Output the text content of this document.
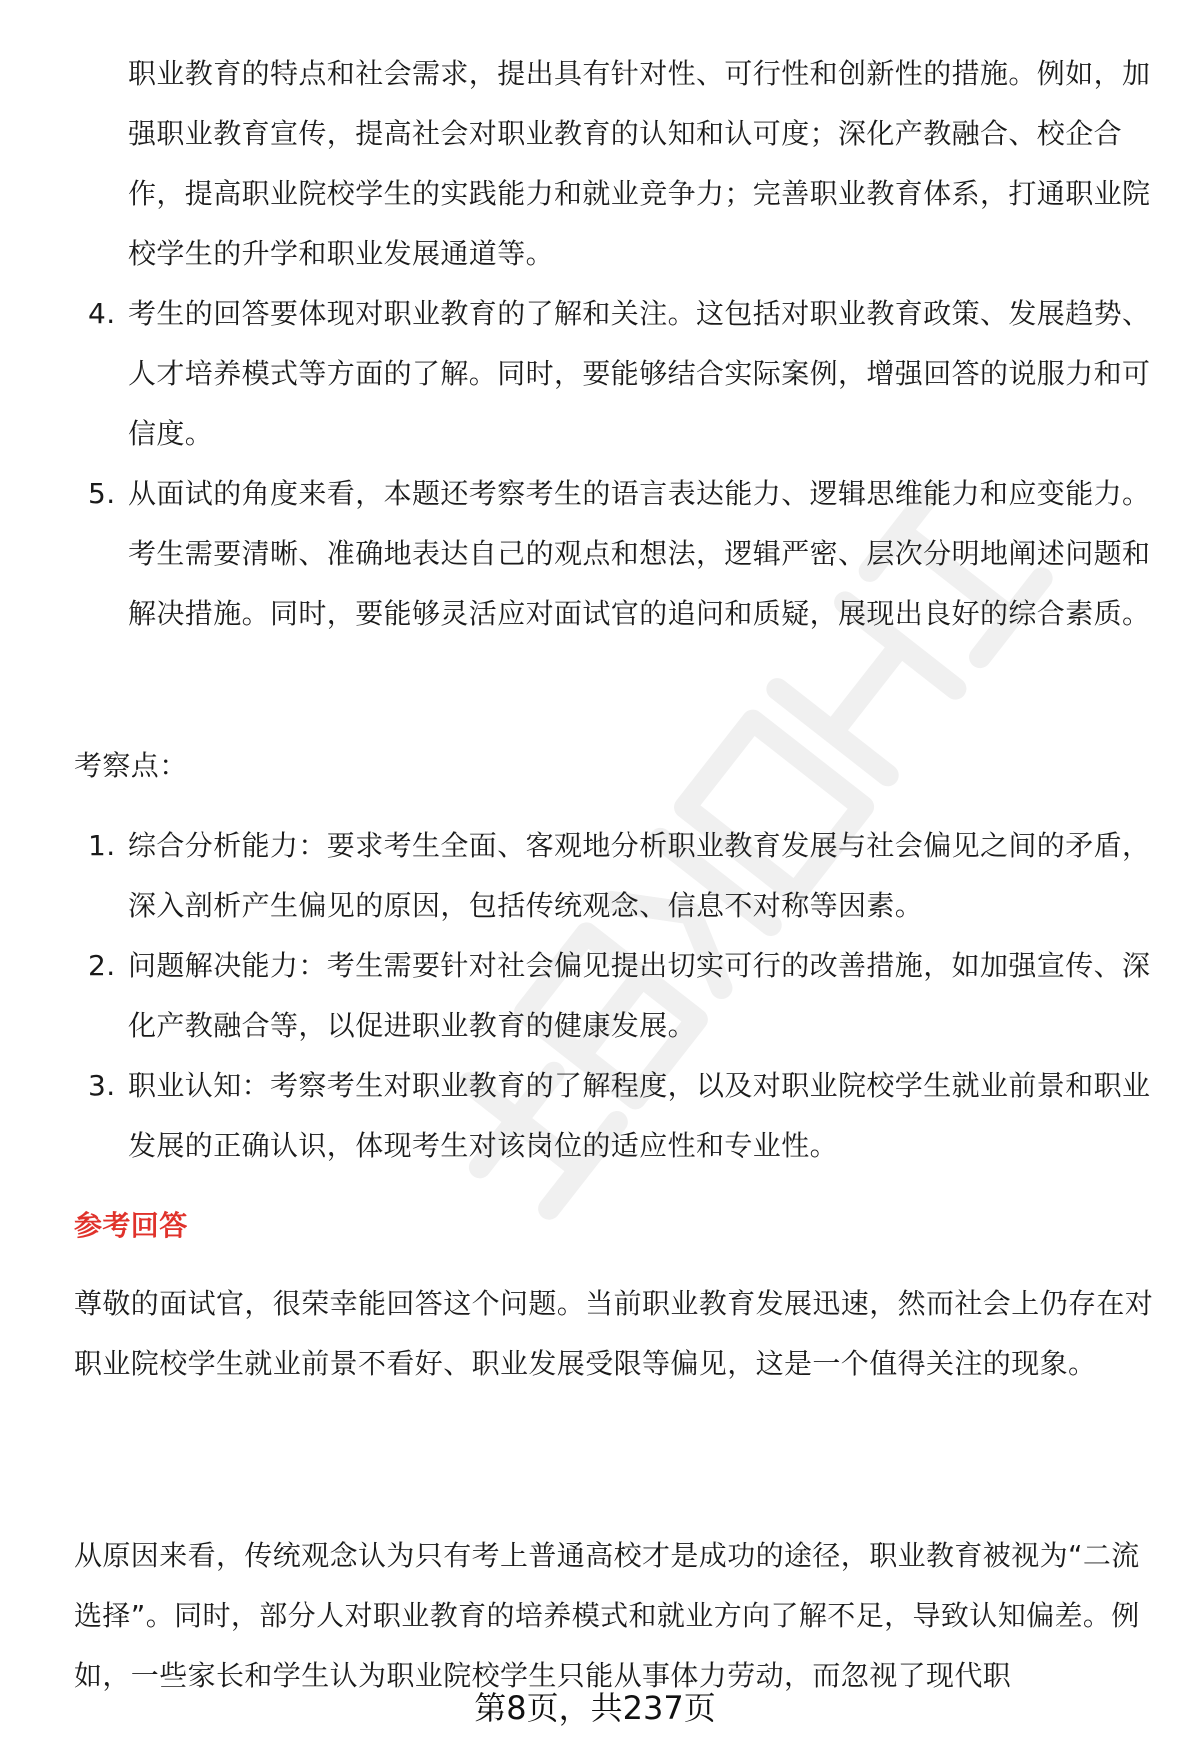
职业教育的特点和社会需求，提出具有针对性、可行性和创新性的措施。例如，加强职业教育宣传，提高社会对职业教育的认知和认可度；深化产教融合、校企合作，提高职业院校学生的实践能力和就业竞争力；完善职业教育体系，打通职业院校学生的升学和职业发展通道等。
4. 考生的回答要体现对职业教育的了解和关注。这包括对职业教育政策、发展趋势、人才培养模式等方面的了解。同时，要能够结合实际案例，增强回答的说服力和可信度。
5. 从面试的角度来看，本题还考察考生的语言表达能力、逻辑思维能力和应变能力。考生需要清晰、准确地表达自己的观点和想法，逻辑严密、层次分明地阐述问题和解决措施。同时，要能够灵活应对面试官的追问和质疑，展现出良好的综合素质。
考察点：
1. 综合分析能力：要求考生全面、客观地分析职业教育发展与社会偏见之间的矛盾，深入剖析产生偏见的原因，包括传统观念、信息不对称等因素。
2. 问题解决能力：考生需要针对社会偏见提出切实可行的改善措施，如加强宣传、深化产教融合等，以促进职业教育的健康发展。
3. 职业认知：考察考生对职业教育的了解程度，以及对职业院校学生就业前景和职业发展的正确认识，体现考生对该岗位的适应性和专业性。
参考回答

尊敬的面试官，很荣幸能回答这个问题。当前职业教育发展迅速，然而社会上仍存在对职业院校学生就业前景不看好、职业发展受限等偏见，这是一个值得关注的现象。

从原因来看，传统观念认为只有考上普通高校才是成功的途径，职业教育被视为“二流选择”。同时，部分人对职业教育的培养模式和就业方向了解不足，导致认知偏差。例如，一些家长和学生认为职业院校学生只能从事体力劳动，而忽视了现代职

第8页，共237页
